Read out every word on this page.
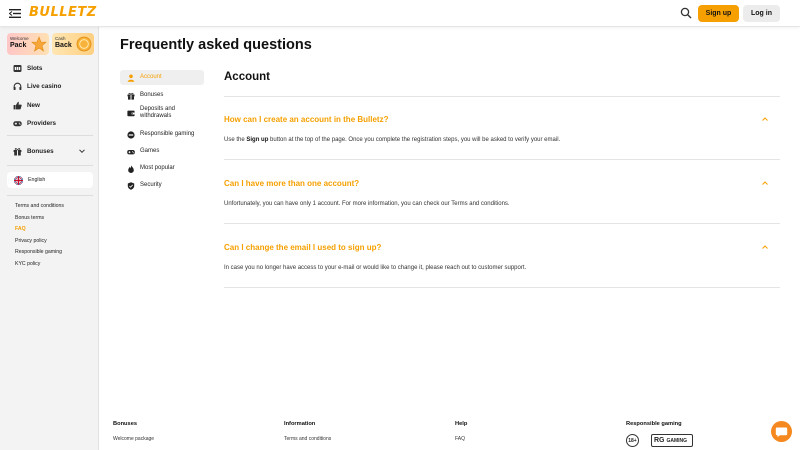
BULLETZ	Sign up	Log in
Welcome
Pack
Cash
Back
Slots
Live casino
New
Providers
Bonuses
English
Terms and conditions
Bonus terms
FAQ
Privacy policy
Responsible gaming
KYC policy
Frequently asked questions
Account
Bonuses
Deposits and withdrawals
Responsible gaming
Games
Most popular
Security
Account
How can I create an account in the Bulletz?
Use the Sign up button at the top of the page. Once you complete the registration steps, you will be asked to verify your email.
Can I have more than one account?
Unfortunately, you can have only 1 account. For more information, you can check our Terms and conditions.
Can I change the email I used to sign up?
In case you no longer have access to your e-mail or would like to change it, please reach out to customer support.
Bonuses
Welcome package
Information
Terms and conditions
Help
FAQ
Responsible gaming
18+	RG GAMING
